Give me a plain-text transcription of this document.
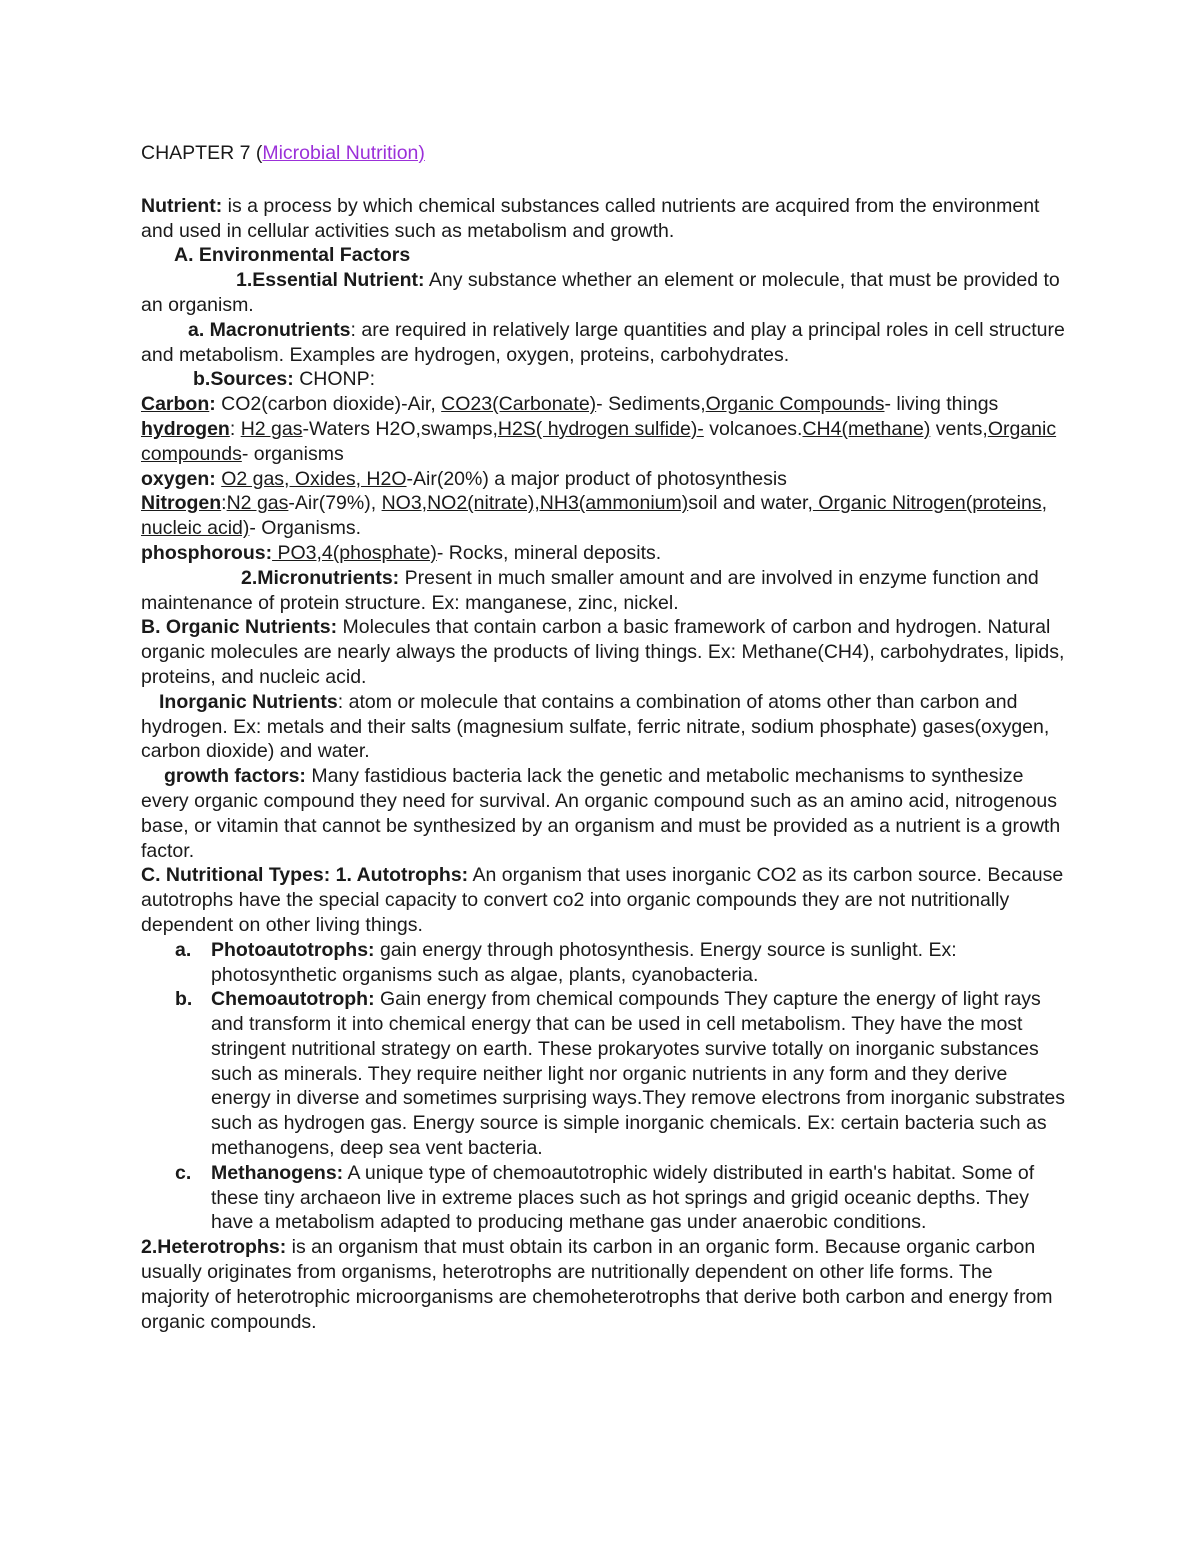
CHAPTER 7 (Microbial Nutrition)

Nutrient: is a process by which chemical substances called nutrients are acquired from the environment and used in cellular activities such as metabolism and growth.

A. Environmental Factors

1.Essential Nutrient: Any substance whether an element or molecule, that must be provided to an organism.

a. Macronutrients: are required in relatively large quantities and play a principal roles in cell structure and metabolism. Examples are hydrogen, oxygen, proteins, carbohydrates.

b.Sources: CHONP:

Carbon: CO2(carbon dioxide)-Air, CO23(Carbonate)- Sediments,Organic Compounds- living things

hydrogen: H2 gas-Waters H2O,swamps,H2S( hydrogen sulfide)- volcanoes.CH4(methane) vents,Organic compounds- organisms

oxygen: O2 gas, Oxides, H2O-Air(20%) a major product of photosynthesis

Nitrogen:N2 gas-Air(79%), NO3,NO2(nitrate),NH3(ammonium)soil and water, Organic Nitrogen(proteins, nucleic acid)- Organisms.

phosphorous: PO3,4(phosphate)- Rocks, mineral deposits.

2.Micronutrients: Present in much smaller amount and are involved in enzyme function and maintenance of protein structure. Ex: manganese, zinc, nickel.

B. Organic Nutrients: Molecules that contain carbon a basic framework of carbon and hydrogen. Natural organic molecules are nearly always the products of living things. Ex: Methane(CH4), carbohydrates, lipids, proteins, and nucleic acid.

Inorganic Nutrients: atom or molecule that contains a combination of atoms other than carbon and hydrogen. Ex: metals and their salts (magnesium sulfate, ferric nitrate, sodium phosphate) gases(oxygen, carbon dioxide) and water.

growth factors: Many fastidious bacteria lack the genetic and metabolic mechanisms to synthesize every organic compound they need for survival. An organic compound such as an amino acid, nitrogenous base, or vitamin that cannot be synthesized by an organism and must be provided as a nutrient is a growth factor.

C. Nutritional Types: 1. Autotrophs: An organism that uses inorganic CO2 as its carbon source. Because autotrophs have the special capacity to convert co2 into organic compounds they are not nutritionally dependent on other living things.

a. Photoautotrophs: gain energy through photosynthesis. Energy source is sunlight. Ex: photosynthetic organisms such as algae, plants, cyanobacteria.

b. Chemoautotroph: Gain energy from chemical compounds They capture the energy of light rays and transform it into chemical energy that can be used in cell metabolism. They have the most stringent nutritional strategy on earth. These prokaryotes survive totally on inorganic substances such as minerals. They require neither light nor organic nutrients in any form and they derive energy in diverse and sometimes surprising ways.They remove electrons from inorganic substrates such as hydrogen gas. Energy source is simple inorganic chemicals. Ex: certain bacteria such as methanogens, deep sea vent bacteria.

c. Methanogens: A unique type of chemoautotrophic widely distributed in earth's habitat. Some of these tiny archaeon live in extreme places such as hot springs and grigid oceanic depths. They have a metabolism adapted to producing methane gas under anaerobic conditions.

2.Heterotrophs: is an organism that must obtain its carbon in an organic form. Because organic carbon usually originates from organisms, heterotrophs are nutritionally dependent on other life forms. The majority of heterotrophic microorganisms are chemoheterotrophs that derive both carbon and energy from organic compounds.
